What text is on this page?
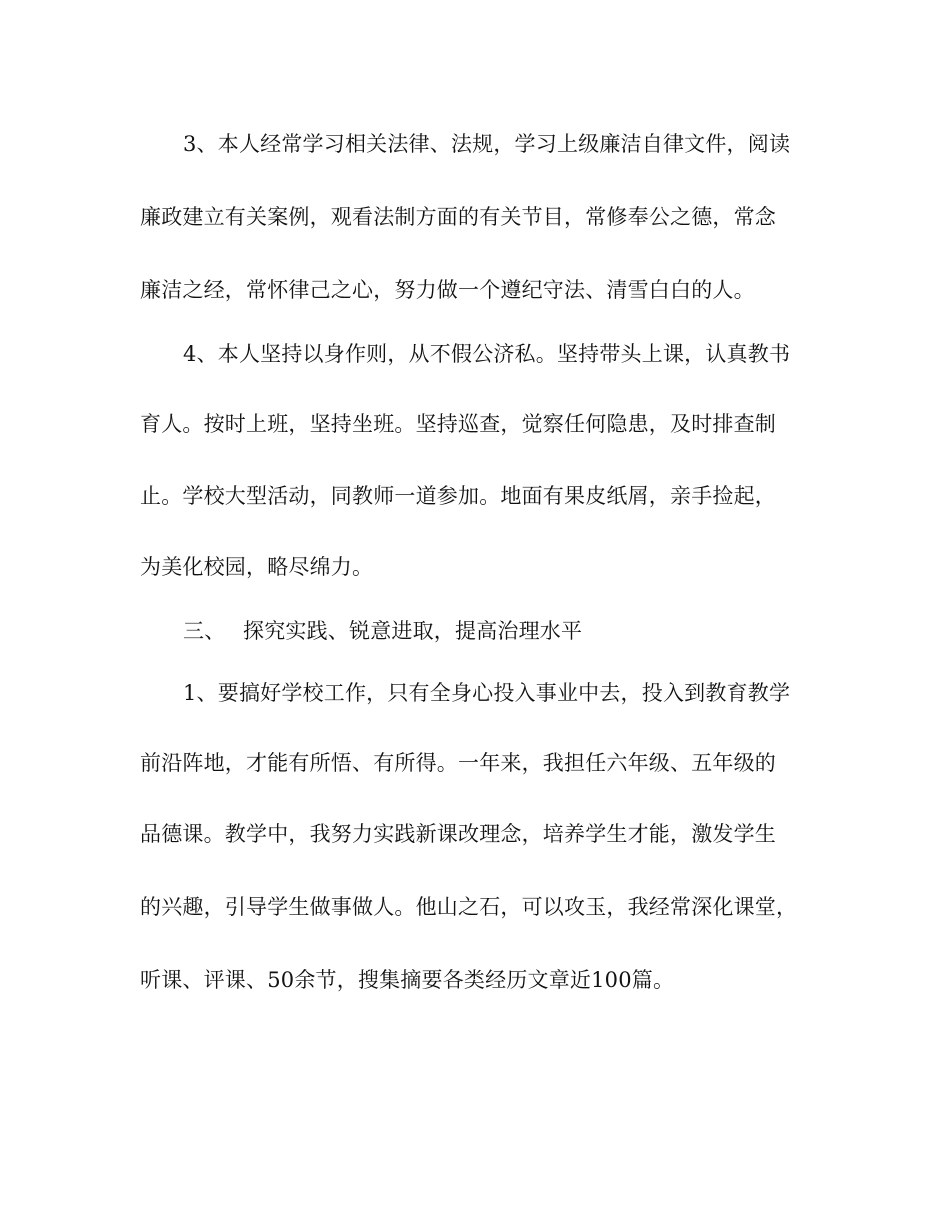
3、本人经常学习相关法律、法规，学习上级廉洁自律文件，阅读
廉政建立有关案例，观看法制方面的有关节目，常修奉公之德，常念
廉洁之经，常怀律己之心，努力做一个遵纪守法、清雪白白的人。
4、本人坚持以身作则，从不假公济私。坚持带头上课，认真教书
育人。按时上班，坚持坐班。坚持巡查，觉察任何隐患，及时排查制
止。学校大型活动，同教师一道参加。地面有果皮纸屑，亲手捡起，
为美化校园，略尽绵力。
三、 探究实践、锐意进取，提高治理水平
1、要搞好学校工作，只有全身心投入事业中去，投入到教育教学
前沿阵地，才能有所悟、有所得。一年来，我担任六年级、五年级的
品德课。教学中，我努力实践新课改理念，培养学生才能，激发学生
的兴趣，引导学生做事做人。他山之石，可以攻玉，我经常深化课堂，
听课、评课、50余节，搜集摘要各类经历文章近100篇。
